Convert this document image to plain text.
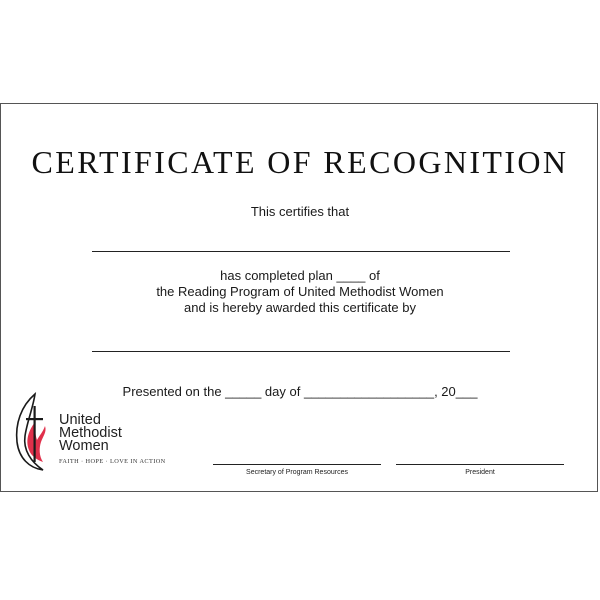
CERTIFICATE OF RECOGNITION

This certifies that

has completed plan ____ of

the Reading Program of United Methodist Women

and is hereby awarded this certificate by

Presented on the _____ day of __________________, 20___

United
Methodist
Women
FAITH · HOPE · LOVE IN ACTION
Secretary of Program Resources	President
